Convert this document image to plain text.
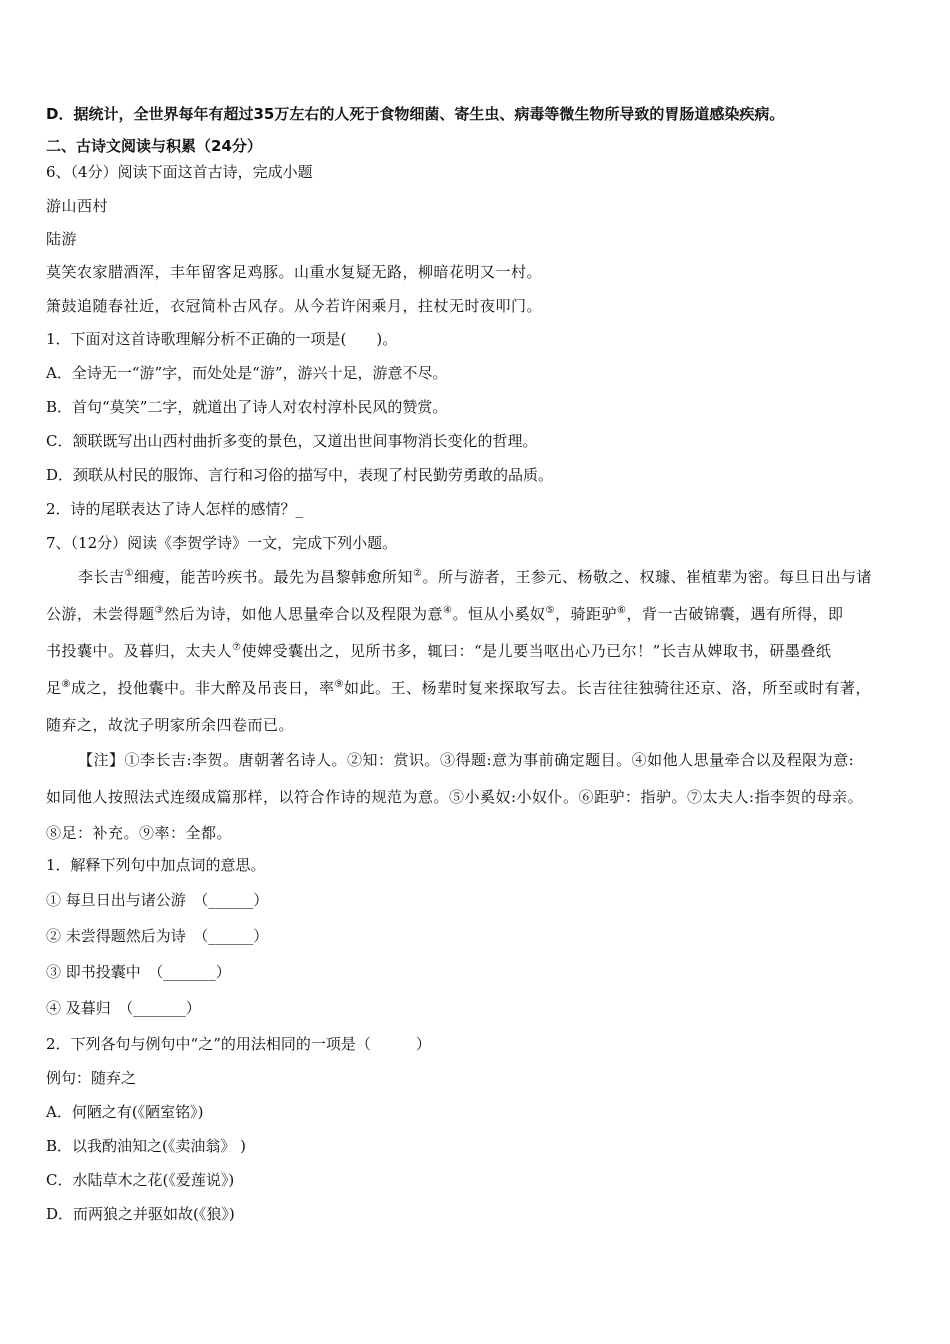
D．据统计，全世界每年有超过35万左右的人死于食物细菌、寄生虫、病毒等微生物所导致的胃肠道感染疾病。
二、古诗文阅读与积累（24分）
6、（4分）阅读下面这首古诗，完成小题
游山西村
陆游
莫笑农家腊酒浑，丰年留客足鸡豚。山重水复疑无路，柳暗花明又一村。
箫鼓追随春社近，衣冠简朴古风存。从今若许闲乘月，拄杖无时夜叩门。
1．下面对这首诗歌理解分析不正确的一项是(　　)。
A．全诗无一“游”字，而处处是“游”，游兴十足，游意不尽。
B．首句“莫笑”二字，就道出了诗人对农村淳朴民风的赞赏。
C．颔联既写出山西村曲折多变的景色，又道出世间事物消长变化的哲理。
D．颈联从村民的服饰、言行和习俗的描写中，表现了村民勤劳勇敢的品质。
2．诗的尾联表达了诗人怎样的感情？_
7、（12分）阅读《李贺学诗》一文，完成下列小题。
李长吉①细瘦，能苦吟疾书。最先为昌黎韩愈所知②。所与游者，王参元、杨敬之、权璩、崔植辈为密。每旦日出与诸
公游，未尝得题③然后为诗，如他人思量牵合以及程限为意④。恒从小奚奴⑤，骑距驴⑥，背一古破锦囊，遇有所得，即
书投囊中。及暮归，太夫人⑦使婢受囊出之，见所书多，辄曰：“是儿要当呕出心乃已尔！”长吉从婢取书，研墨叠纸
足⑧成之，投他囊中。非大醉及吊丧日，率⑨如此。王、杨辈时复来探取写去。长吉往往独骑往还京、洛，所至或时有著，
随弃之，故沈子明家所余四卷而已。
【注】①李长吉:李贺。唐朝著名诗人。②知：赏识。③得题:意为事前确定题目。④如他人思量牵合以及程限为意:
如同他人按照法式连缀成篇那样，以符合作诗的规范为意。⑤小奚奴:小奴仆。⑥距驴：指驴。⑦太夫人:指李贺的母亲。
⑧足：补充。⑨率：全都。
1．解释下列句中加点词的意思。
① 每旦日出与诸公游　（______）
② 未尝得题然后为诗　（______）
③ 即书投囊中　（_______）
④ 及暮归　（_______）
2．下列各句与例句中“之”的用法相同的一项是（　　　）
例句：随弃之
A．何陋之有(《陋室铭》)
B．以我酌油知之(《卖油翁》 )
C．水陆草木之花(《爱莲说》)
D．而两狼之并驱如故(《狼》)
